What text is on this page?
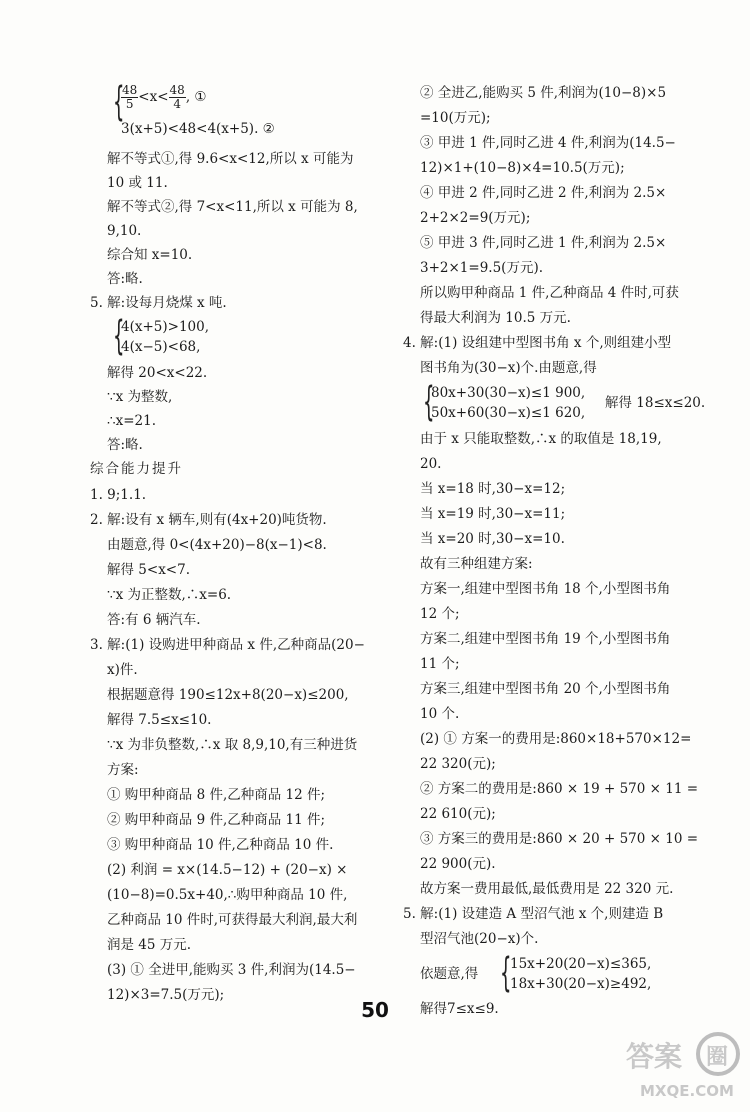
{
$\frac{48}{5} <x< \frac{48}{4}$ , ①
3(x+5)<48<4(x+5). ②
解不等式①,得 9.6<x<12,所以 x 可能为
10 或 11.
解不等式②,得 7<x<11,所以 x 可能为 8,
9,10.
综合知 x=10.
答:略.
5. 解:设每月烧煤 x 吨.
{
4(x+5)>100,
4(x−5)<68,
解得 20<x<22.
∵x 为整数,
∴x=21.
答:略.
综合能力提升
1. 9;1.1.
2. 解:设有 x 辆车,则有(4x+20)吨货物.
由题意,得 0<(4x+20)−8(x−1)<8.
解得 5<x<7.
∵x 为正整数,∴x=6.
答:有 6 辆汽车.
3. 解:(1) 设购进甲种商品 x 件,乙种商品(20−
x)件.
根据题意得 190≤12x+8(20−x)≤200,
解得 7.5≤x≤10.
∵x 为非负整数,∴x 取 8,9,10,有三种进货
方案:
① 购甲种商品 8 件,乙种商品 12 件;
② 购甲种商品 9 件,乙种商品 11 件;
③ 购甲种商品 10 件,乙种商品 10 件.
(2) 利润 = x×(14.5−12) + (20−x) ×
(10−8)=0.5x+40,∴购甲种商品 10 件,
乙种商品 10 件时,可获得最大利润,最大利
润是 45 万元.
(3) ① 全进甲,能购买 3 件,利润为(14.5−
12)×3=7.5(万元);
② 全进乙,能购买 5 件,利润为(10−8)×5
=10(万元);
③ 甲进 1 件,同时乙进 4 件,利润为(14.5−
12)×1+(10−8)×4=10.5(万元);
④ 甲进 2 件,同时乙进 2 件,利润为 2.5×
2+2×2=9(万元);
⑤ 甲进 3 件,同时乙进 1 件,利润为 2.5×
3+2×1=9.5(万元).
所以购甲种商品 1 件,乙种商品 4 件时,可获
得最大利润为 10.5 万元.
4. 解:(1) 设组建中型图书角 x 个,则组建小型
图书角为(30−x)个.由题意,得
{
80x+30(30−x)≤1 900,
50x+60(30−x)≤1 620,
解得 18≤x≤20.
由于 x 只能取整数,∴x 的取值是 18,19,
20.
当 x=18 时,30−x=12;
当 x=19 时,30−x=11;
当 x=20 时,30−x=10.
故有三种组建方案:
方案一,组建中型图书角 18 个,小型图书角
12 个;
方案二,组建中型图书角 19 个,小型图书角
11 个;
方案三,组建中型图书角 20 个,小型图书角
10 个.
(2) ① 方案一的费用是:860×18+570×12=
22 320(元);
② 方案二的费用是:860 × 19 + 570 × 11 =
22 610(元);
③ 方案三的费用是:860 × 20 + 570 × 10 =
22 900(元).
故方案一费用最低,最低费用是 22 320 元.
5. 解:(1) 设建造 A 型沼气池 x 个,则建造 B
型沼气池(20−x)个.
依题意,得 {
15x+20(20−x)≤365,
18x+30(20−x)≥492,
解得7≤x≤9.
50
答案 圈
MXQE.COM
